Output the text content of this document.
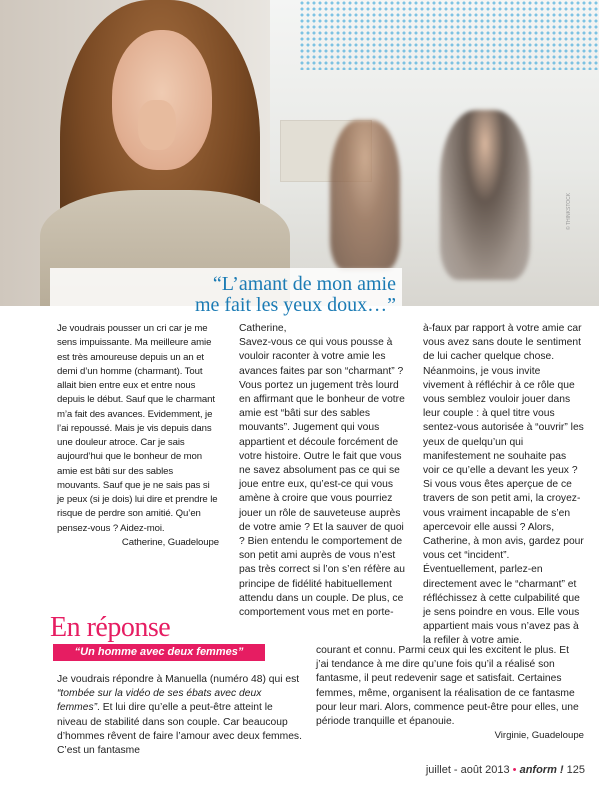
© THINKSTOCK
“L’amant de mon amie
me fait les yeux doux…”
Je voudrais pousser un cri car je me sens impuissante. Ma meilleure amie est très amoureuse depuis un an et demi d’un homme (charmant). Tout allait bien entre eux et entre nous depuis le début. Sauf que le charmant m’a fait des avances. Evidemment, je l’ai repoussé. Mais je vis depuis dans une douleur atroce. Car je sais aujourd’hui que le bonheur de mon amie est bâti sur des sables mouvants. Sauf que je ne sais pas si je peux (si je dois) lui dire et prendre le risque de perdre son amitié. Qu’en pensez-vous ? Aidez-moi.
Catherine, Guadeloupe

Catherine,
Savez-vous ce qui vous pousse à vouloir raconter à votre amie les avances faites par son “charmant” ? Vous portez un jugement très lourd en affirmant que le bonheur de votre amie est “bâti sur des sables mouvants”. Jugement qui vous appartient et découle forcément de votre histoire. Outre le fait que vous ne savez absolument pas ce qui se joue entre eux, qu’est-ce qui vous amène à croire que vous pourriez jouer un rôle de sauveteuse auprès de votre amie ? Et la sauver de quoi ? Bien entendu le comportement de son petit ami auprès de vous n’est pas très correct si l’on s’en réfère au principe de fidélité habituellement attendu dans un couple. De plus, ce comportement vous met en porte-

à-faux par rapport à votre amie car vous avez sans doute le sentiment de lui cacher quelque chose. Néanmoins, je vous invite vivement à réfléchir à ce rôle que vous semblez vouloir jouer dans leur couple : à quel titre vous sentez-vous autorisée à “ouvrir” les yeux de quelqu’un qui manifestement ne souhaite pas voir ce qu’elle a devant les yeux ? Si vous vous êtes aperçue de ce travers de son petit ami, la croyez-vous vraiment incapable de s’en apercevoir elle aussi ? Alors, Catherine, à mon avis, gardez pour vous cet “incident”. Éventuellement, parlez-en directement avec le “charmant” et réfléchissez à cette culpabilité que je sens poindre en vous. Elle vous appartient mais vous n’avez pas à la refiler à votre amie.

En réponse
“Un homme avec deux femmes”
Je voudrais répondre à Manuella (numéro 48) qui est “tombée sur la vidéo de ses ébats avec deux femmes”. Et lui dire qu’elle a peut-être atteint le niveau de stabilité dans son couple. Car beaucoup d’hommes rêvent de faire l’amour avec deux femmes. C’est un fantasme
courant et connu. Parmi ceux qui les excitent le plus. Et j’ai tendance à me dire qu’une fois qu’il a réalisé son fantasme, il peut redevenir sage et satisfait. Certaines femmes, même, organisent la réalisation de ce fantasme pour leur mari. Alors, commence peut-être pour elles, une période tranquille et épanouie.
Virginie, Guadeloupe
juillet - août 2013 • anform ! 125
